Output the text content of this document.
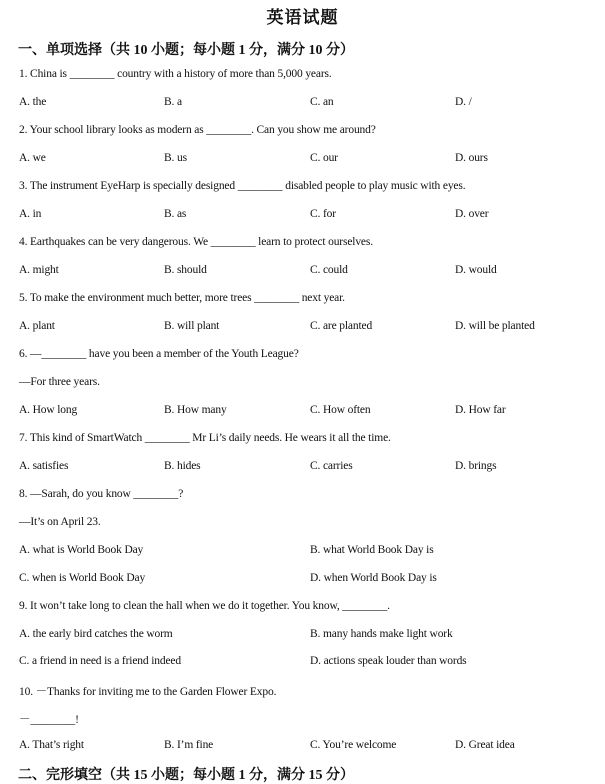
英语试题
一、单项选择（共 10 小题；每小题 1 分，满分 10 分）
1. China is ________ country with a history of more than 5,000 years.
A. the	B. a	C. an	D. /
2. Your school library looks as modern as ________. Can you show me around?
A. we	B. us	C. our	D. ours
3. The instrument EyeHarp is specially designed ________ disabled people to play music with eyes.
A. in	B. as	C. for	D. over
4. Earthquakes can be very dangerous. We ________ learn to protect ourselves.
A. might	B. should	C. could	D. would
5. To make the environment much better, more trees ________ next year.
A. plant	B. will plant	C. are planted	D. will be planted
6. —________ have you been a member of the Youth League?
—For three years.
A. How long	B. How many	C. How often	D. How far
7. This kind of SmartWatch ________ Mr Li’s daily needs. He wears it all the time.
A. satisfies	B. hides	C. carries	D. brings
8. —Sarah, do you know ________?
—It’s on April 23.
A. what is World Book Day	B. what World Book Day is
C. when is World Book Day	D. when World Book Day is
9. It won’t take long to clean the hall when we do it together. You know, ________.
A. the early bird catches the worm	B. many hands make light work
C. a friend in need is a friend indeed	D. actions speak louder than words
10. －Thanks for inviting me to the Garden Flower Expo.
－________!
A. That’s right	B. I’m fine	C. You’re welcome	D. Great idea
二、完形填空（共 15 小题；每小题 1 分，满分 15 分）
